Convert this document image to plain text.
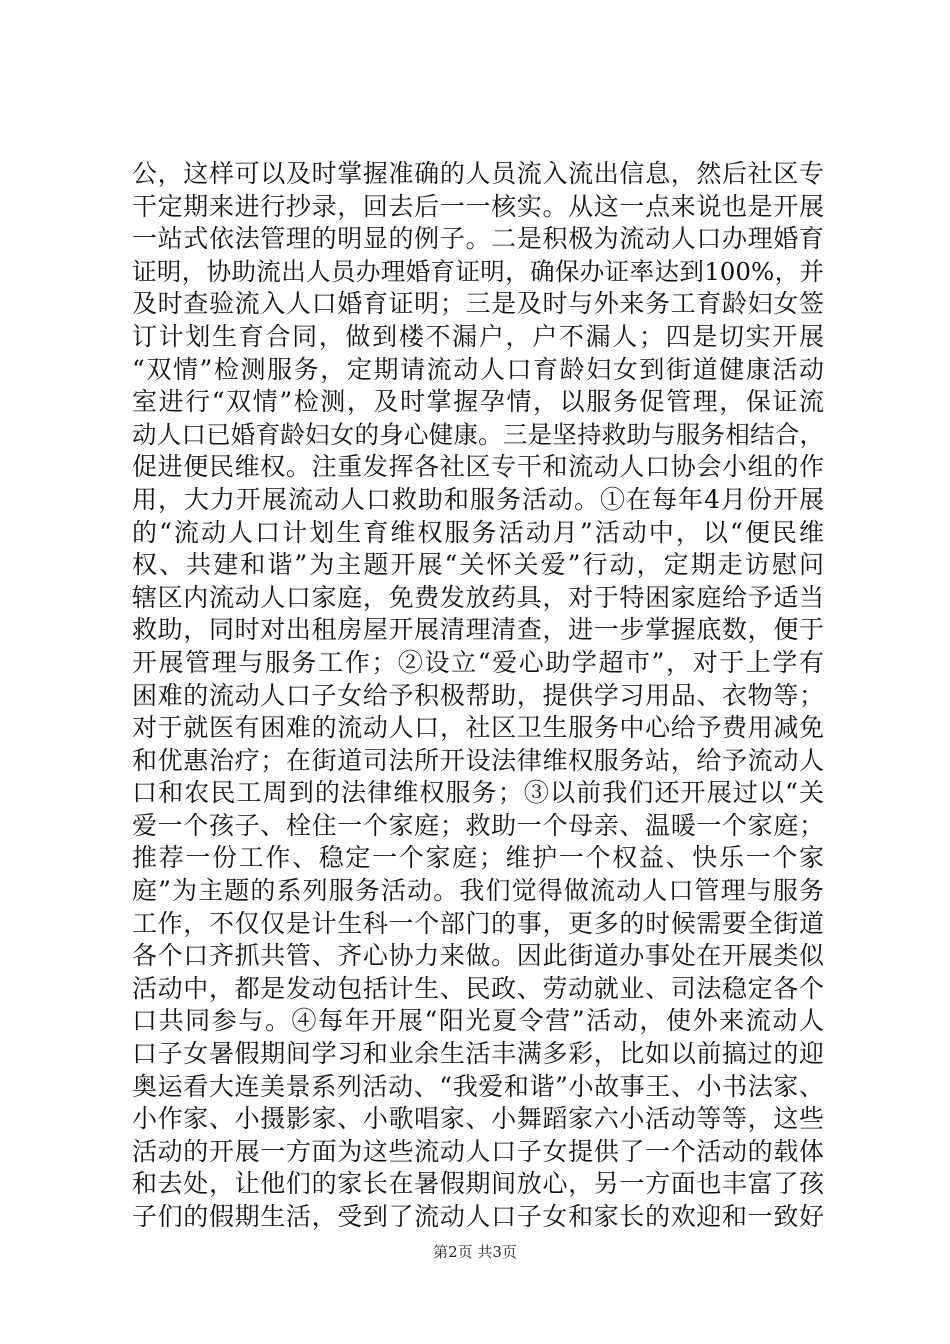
公，这样可以及时掌握准确的人员流入流出信息，然后社区专
干定期来进行抄录，回去后一一核实。从这一点来说也是开展
一站式依法管理的明显的例子。二是积极为流动人口办理婚育
证明，协助流出人员办理婚育证明，确保办证率达到100%，并
及时查验流入人口婚育证明；三是及时与外来务工育龄妇女签
订计划生育合同，做到楼不漏户，户不漏人；四是切实开展
“双情”检测服务，定期请流动人口育龄妇女到街道健康活动
室进行“双情”检测，及时掌握孕情，以服务促管理，保证流
动人口已婚育龄妇女的身心健康。三是坚持救助与服务相结合，
促进便民维权。注重发挥各社区专干和流动人口协会小组的作
用，大力开展流动人口救助和服务活动。①在每年4月份开展
的“流动人口计划生育维权服务活动月”活动中，以“便民维
权、共建和谐”为主题开展“关怀关爱”行动，定期走访慰问
辖区内流动人口家庭，免费发放药具，对于特困家庭给予适当
救助，同时对出租房屋开展清理清查，进一步掌握底数，便于
开展管理与服务工作；②设立“爱心助学超市”，对于上学有
困难的流动人口子女给予积极帮助，提供学习用品、衣物等；
对于就医有困难的流动人口，社区卫生服务中心给予费用减免
和优惠治疗；在街道司法所开设法律维权服务站，给予流动人
口和农民工周到的法律维权服务；③以前我们还开展过以“关
爱一个孩子、栓住一个家庭；救助一个母亲、温暖一个家庭；
推荐一份工作、稳定一个家庭；维护一个权益、快乐一个家
庭”为主题的系列服务活动。我们觉得做流动人口管理与服务
工作，不仅仅是计生科一个部门的事，更多的时候需要全街道
各个口齐抓共管、齐心协力来做。因此街道办事处在开展类似
活动中，都是发动包括计生、民政、劳动就业、司法稳定各个
口共同参与。④每年开展“阳光夏令营”活动，使外来流动人
口子女暑假期间学习和业余生活丰满多彩，比如以前搞过的迎
奥运看大连美景系列活动、“我爱和谐”小故事王、小书法家、
小作家、小摄影家、小歌唱家、小舞蹈家六小活动等等，这些
活动的开展一方面为这些流动人口子女提供了一个活动的载体
和去处，让他们的家长在暑假期间放心，另一方面也丰富了孩
子们的假期生活，受到了流动人口子女和家长的欢迎和一致好
第2页 共3页
